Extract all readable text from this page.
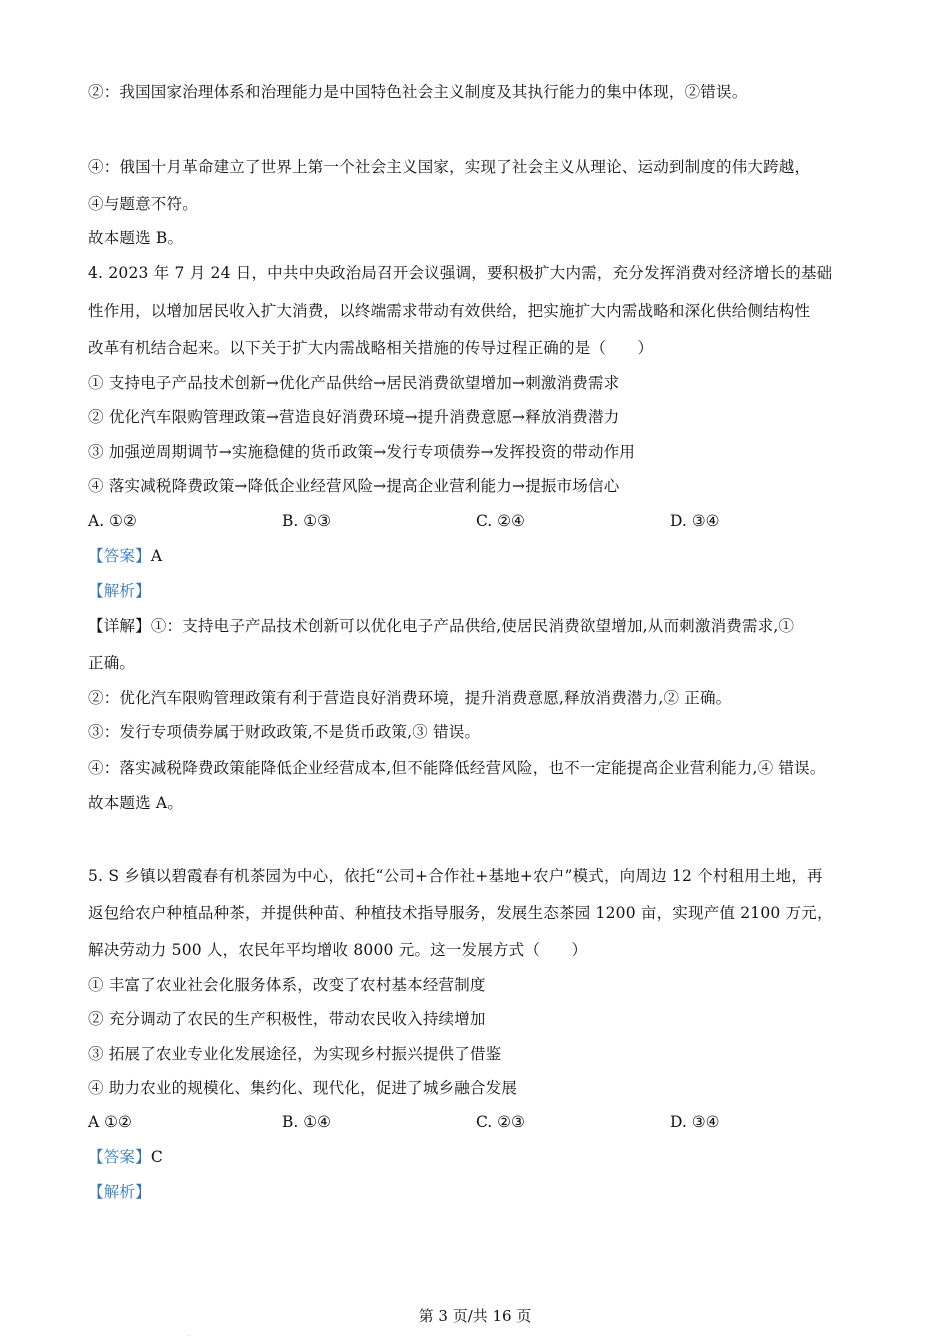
②：我国国家治理体系和治理能力是中国特色社会主义制度及其执行能力的集中体现，②错误。
④：俄国十月革命建立了世界上第一个社会主义国家，实现了社会主义从理论、运动到制度的伟大跨越，
④与题意不符。
故本题选 B。
4. 2023 年 7 月 24 日，中共中央政治局召开会议强调，要积极扩大内需，充分发挥消费对经济增长的基础
性作用，以增加居民收入扩大消费，以终端需求带动有效供给，把实施扩大内需战略和深化供给侧结构性
改革有机结合起来。以下关于扩大内需战略相关措施的传导过程正确的是（　　）
① 支持电子产品技术创新→优化产品供给→居民消费欲望增加→刺激消费需求
② 优化汽车限购管理政策→营造良好消费环境→提升消费意愿→释放消费潜力
③ 加强逆周期调节→实施稳健的货币政策→发行专项债券→发挥投资的带动作用
④ 落实减税降费政策→降低企业经营风险→提高企业营利能力→提振市场信心
A. ①②	B. ①③	C. ②④	D. ③④
【答案】A
【解析】
【详解】①：支持电子产品技术创新可以优化电子产品供给,使居民消费欲望增加,从而刺激消费需求,①
正确。
②：优化汽车限购管理政策有利于营造良好消费环境，提升消费意愿,释放消费潜力,② 正确。
③：发行专项债券属于财政政策,不是货币政策,③ 错误。
④：落实减税降费政策能降低企业经营成本,但不能降低经营风险，也不一定能提高企业营利能力,④ 错误。
故本题选 A。
5. S 乡镇以碧霞春有机茶园为中心，依托“公司+合作社+基地+农户”模式，向周边 12 个村租用土地，再
返包给农户种植品种茶，并提供种苗、种植技术指导服务，发展生态茶园 1200 亩，实现产值 2100 万元，
解决劳动力 500 人，农民年平均增收 8000 元。这一发展方式（　　）
① 丰富了农业社会化服务体系，改变了农村基本经营制度
② 充分调动了农民的生产积极性，带动农民收入持续增加
③ 拓展了农业专业化发展途径，为实现乡村振兴提供了借鉴
④ 助力农业的规模化、集约化、现代化，促进了城乡融合发展
A ①②	B. ①④	C. ②③	D. ③④
【答案】C
【解析】
第 3 页/共 16 页
·
